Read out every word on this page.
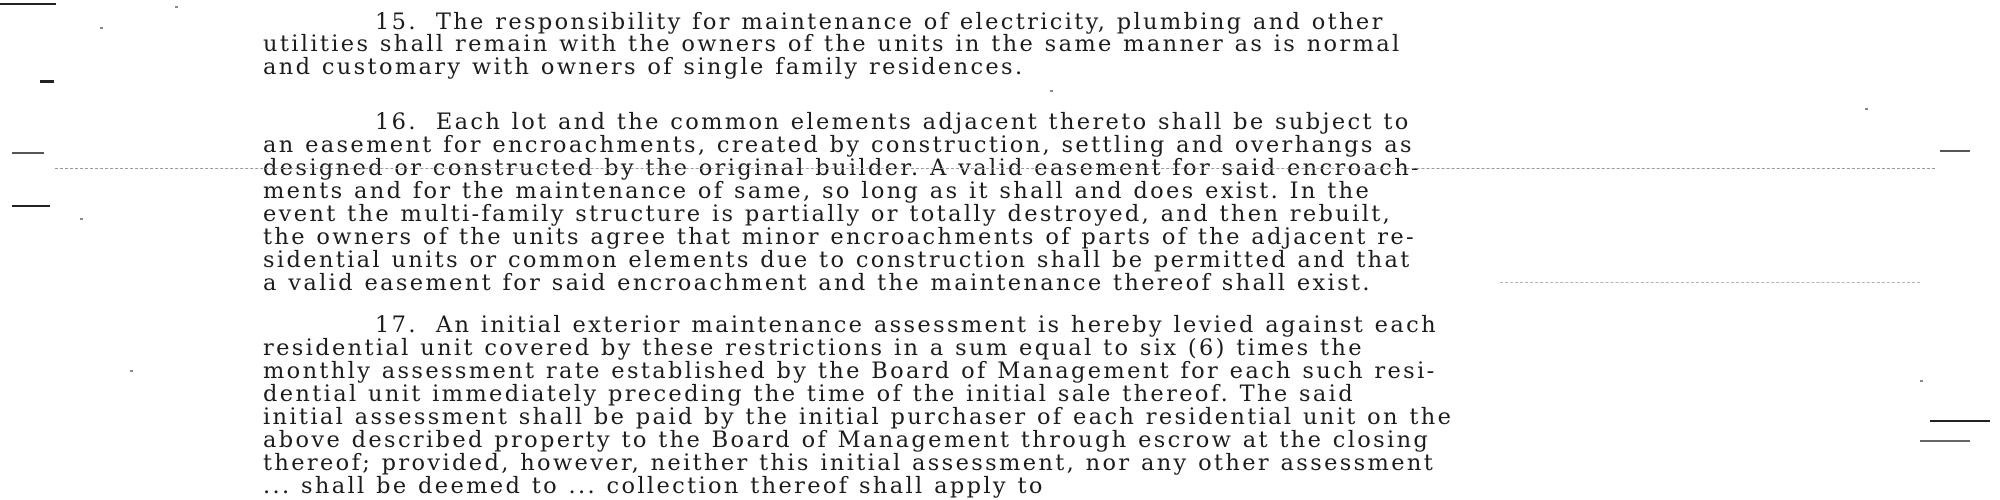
15. The responsibility for maintenance of electricity, plumbing and other
utilities shall remain with the owners of the units in the same manner as is normal
and customary with owners of single family residences.
16. Each lot and the common elements adjacent thereto shall be subject to
an easement for encroachments, created by construction, settling and overhangs as
designed or constructed by the original builder. A valid easement for said encroach-
ments and for the maintenance of same, so long as it shall and does exist. In the
event the multi-family structure is partially or totally destroyed, and then rebuilt,
the owners of the units agree that minor encroachments of parts of the adjacent re-
sidential units or common elements due to construction shall be permitted and that
a valid easement for said encroachment and the maintenance thereof shall exist.
17. An initial exterior maintenance assessment is hereby levied against each
residential unit covered by these restrictions in a sum equal to six (6) times the
monthly assessment rate established by the Board of Management for each such resi-
dential unit immediately preceding the time of the initial sale thereof. The said
initial assessment shall be paid by the initial purchaser of each residential unit on the
above described property to the Board of Management through escrow at the closing
thereof; provided, however, neither this initial assessment, nor any other assessment
... shall be deemed to ... collection thereof shall apply to
